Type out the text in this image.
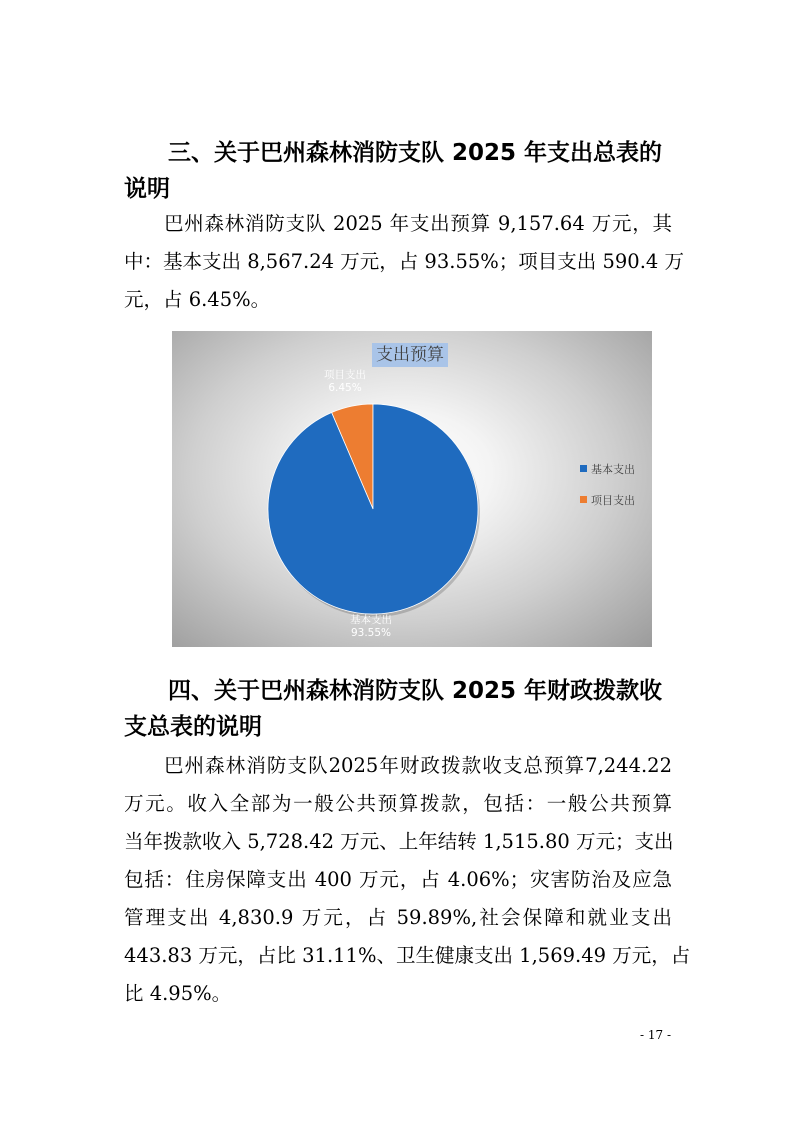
三、关于巴州森林消防支队 2025 年支出总表的
说明
巴州森林消防支队 2025 年支出预算 9,157.64 万元，其
中：基本支出 8,567.24 万元，占 93.55%；项目支出 590.4 万
元，占 6.45%。
支出预算
项目支出
6.45%
基本支出
93.55%
基本支出
项目支出
四、关于巴州森林消防支队 2025 年财政拨款收
支总表的说明
巴州森林消防支队2025年财政拨款收支总预算7,244.22
万元。收入全部为一般公共预算拨款，包括：一般公共预算
当年拨款收入 5,728.42 万元、上年结转 1,515.80 万元；支出
包括：住房保障支出 400 万元，占 4.06%；灾害防治及应急
管理支出 4,830.9 万元，占 59.89%,社会保障和就业支出
443.83 万元，占比 31.11%、卫生健康支出 1,569.49 万元，占
比 4.95%。
- 17 -
